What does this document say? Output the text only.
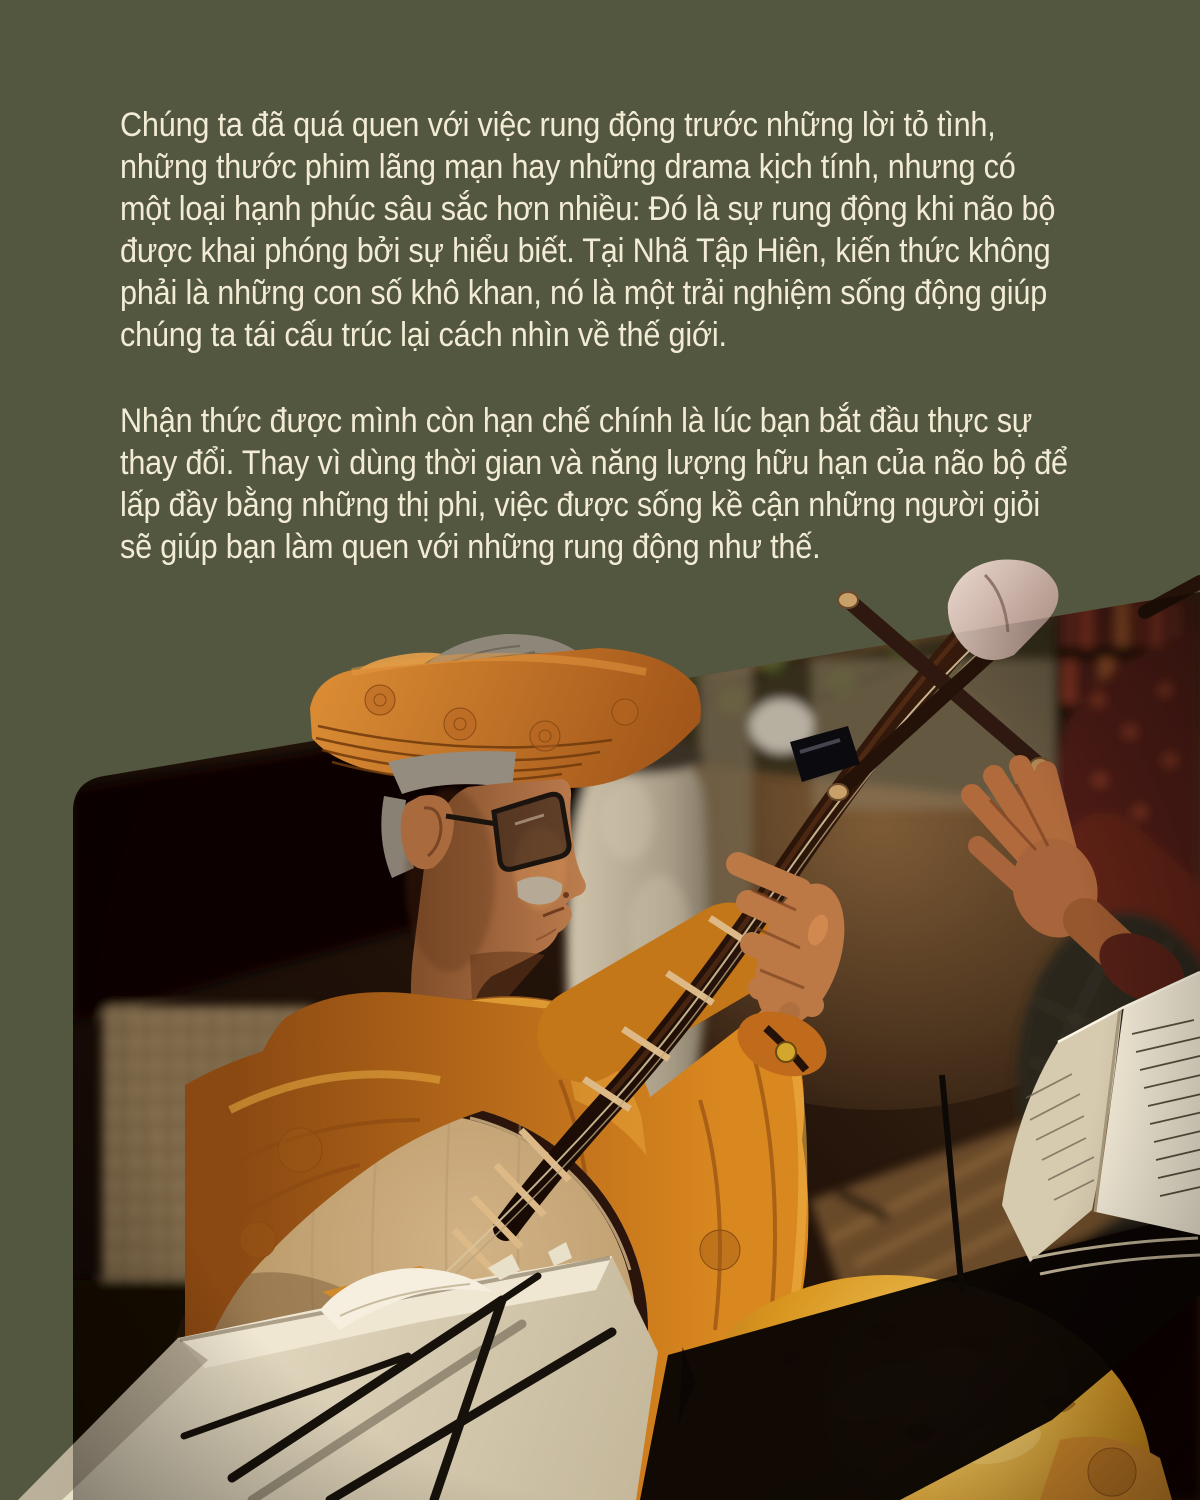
Chúng ta đã quá quen với việc rung động trước những lời tỏ tình,
những thước phim lãng mạn hay những drama kịch tính, nhưng có
một loại hạnh phúc sâu sắc hơn nhiều: Đó là sự rung động khi não bộ
được khai phóng bởi sự hiểu biết. Tại Nhã Tập Hiên, kiến thức không
phải là những con số khô khan, nó là một trải nghiệm sống động giúp
chúng ta tái cấu trúc lại cách nhìn về thế giới.

Nhận thức được mình còn hạn chế chính là lúc bạn bắt đầu thực sự
thay đổi. Thay vì dùng thời gian và năng lượng hữu hạn của não bộ để
lấp đầy bằng những thị phi, việc được sống kề cận những người giỏi
sẽ giúp bạn làm quen với những rung động như thế.
